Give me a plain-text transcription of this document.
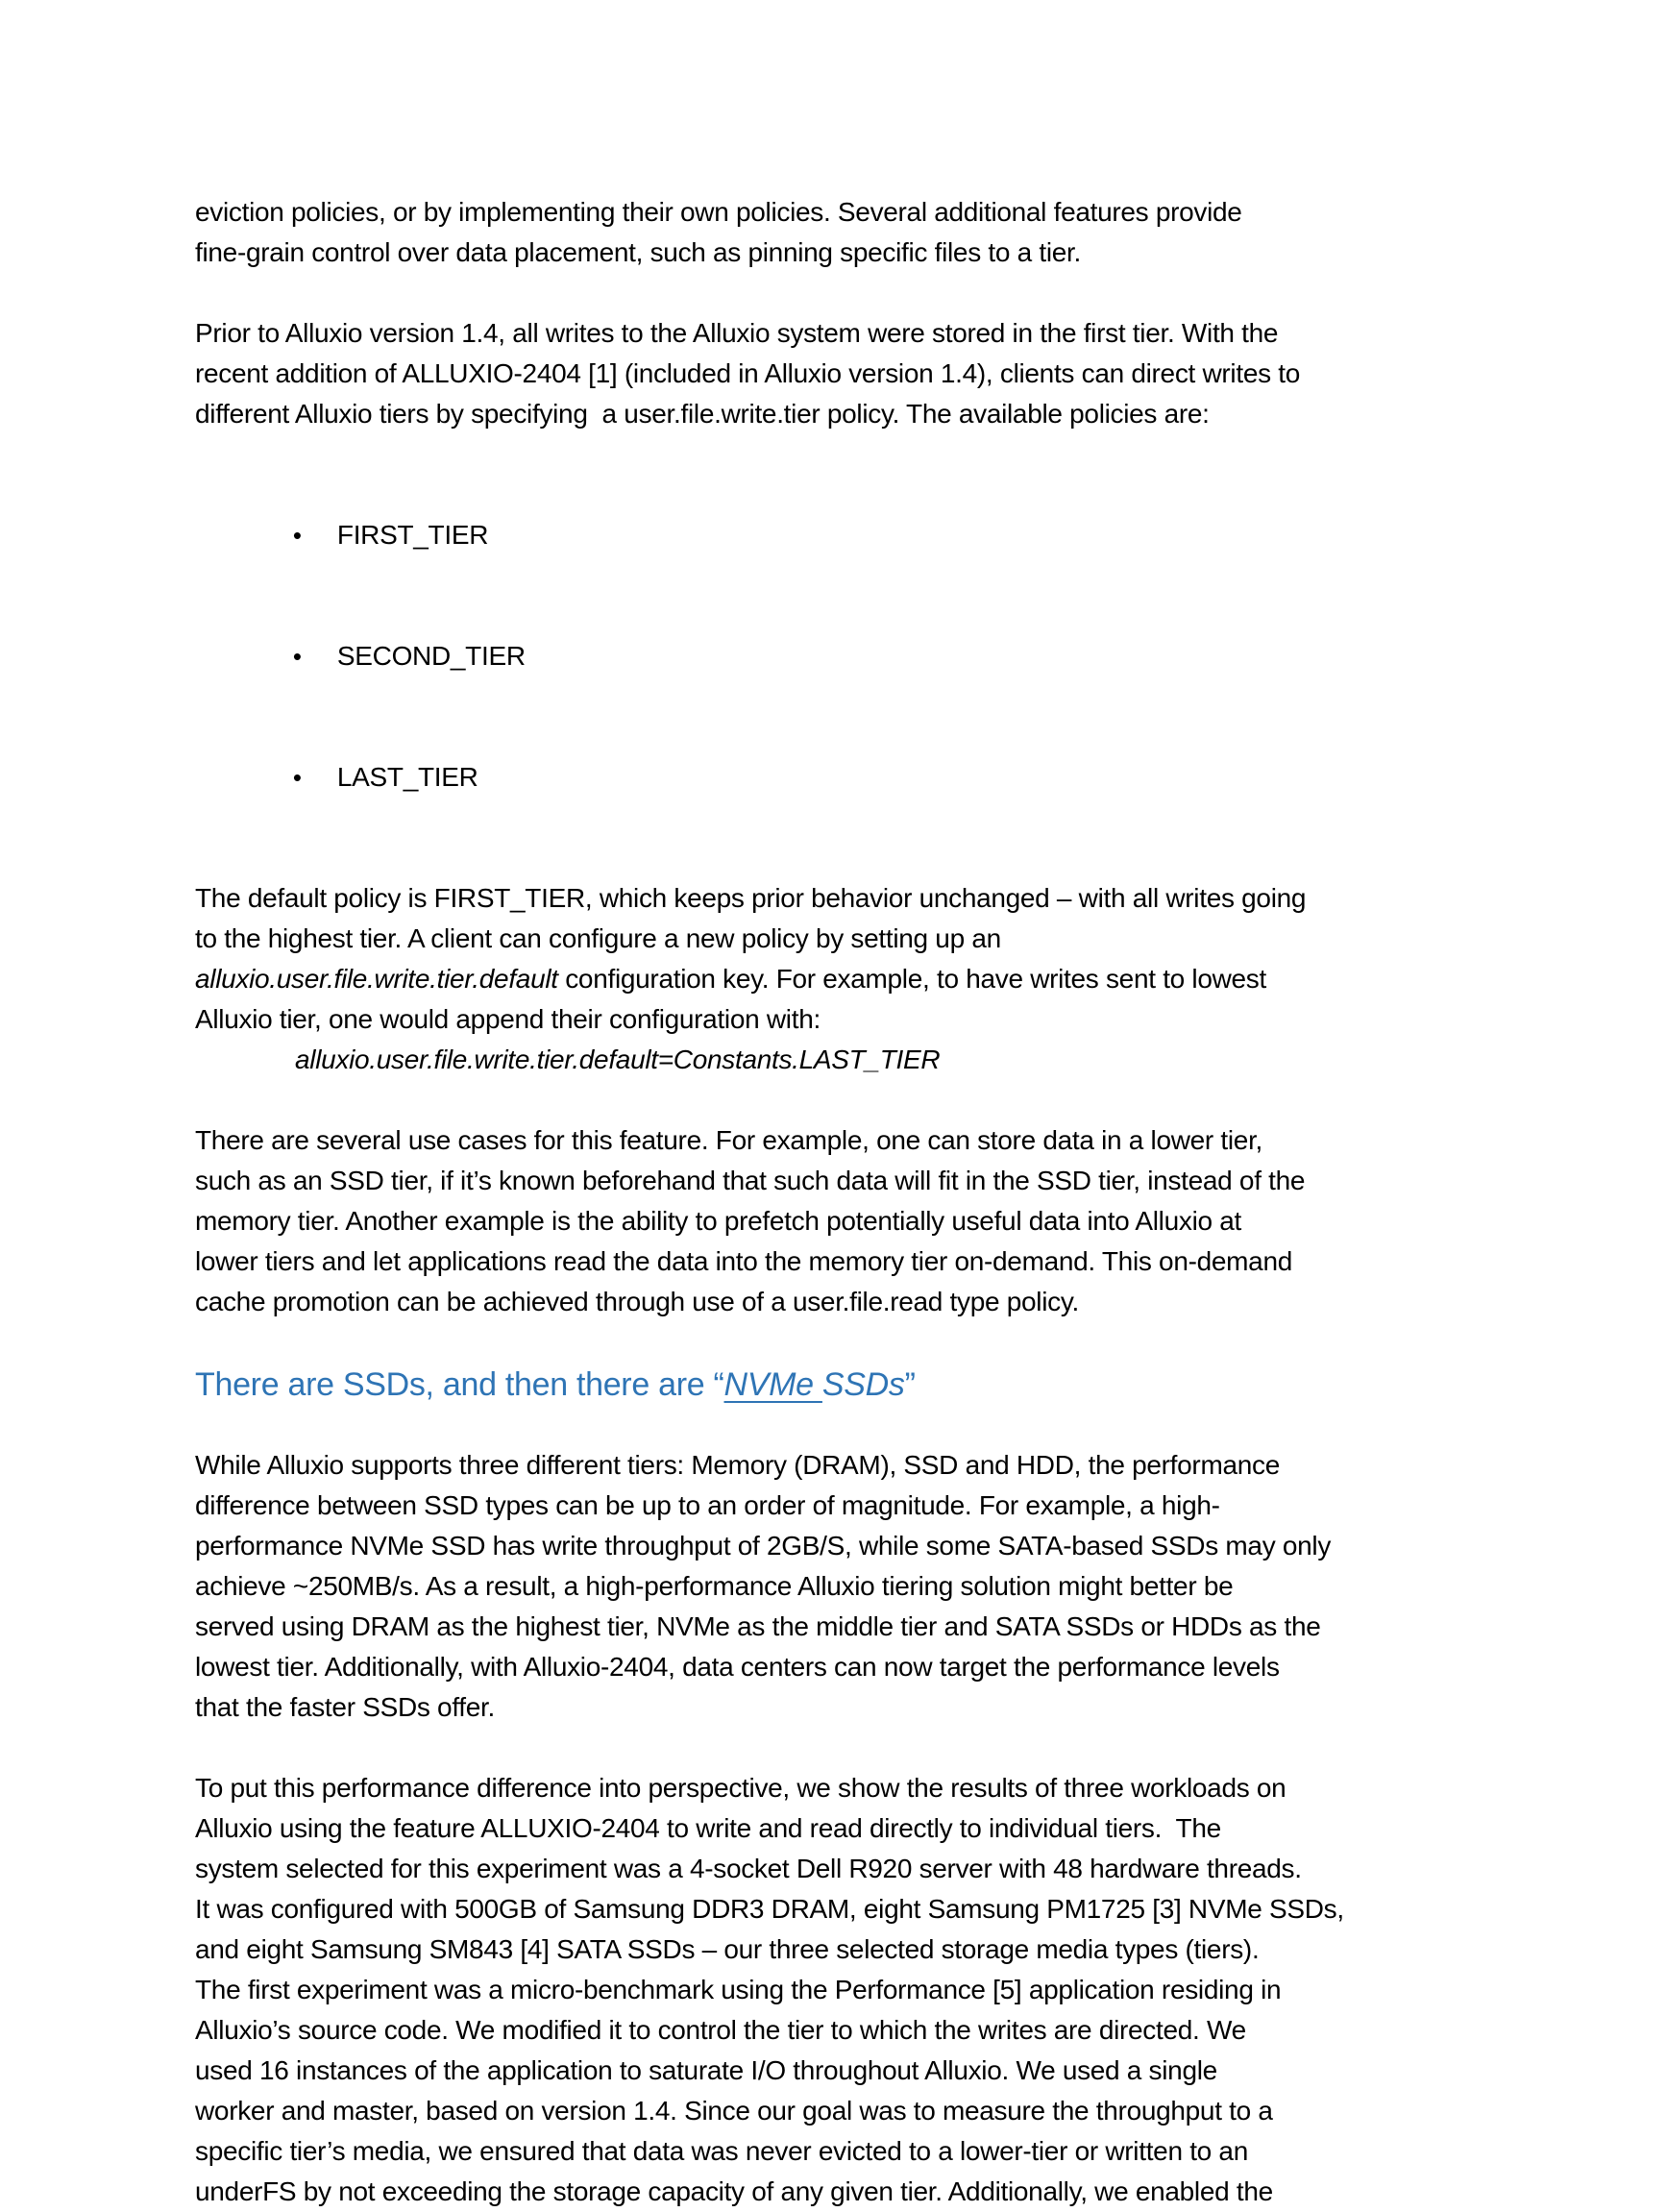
eviction policies, or by implementing their own policies. Several additional features provide
fine-grain control over data placement, such as pinning specific files to a tier.
Prior to Alluxio version 1.4, all writes to the Alluxio system were stored in the first tier. With the
recent addition of ALLUXIO-2404 [1] (included in Alluxio version 1.4), clients can direct writes to
different Alluxio tiers by specifying  a user.file.write.tier policy. The available policies are:

• FIRST_TIER

• SECOND_TIER

• LAST_TIER

The default policy is FIRST_TIER, which keeps prior behavior unchanged – with all writes going
to the highest tier. A client can configure a new policy by setting up an
alluxio.user.file.write.tier.default configuration key. For example, to have writes sent to lowest
Alluxio tier, one would append their configuration with:
alluxio.user.file.write.tier.default=Constants.LAST_TIER
There are several use cases for this feature. For example, one can store data in a lower tier,
such as an SSD tier, if it’s known beforehand that such data will fit in the SSD tier, instead of the
memory tier. Another example is the ability to prefetch potentially useful data into Alluxio at
lower tiers and let applications read the data into the memory tier on-demand. This on-demand
cache promotion can be achieved through use of a user.file.read type policy.
There are SSDs, and then there are “NVMe SSDs”
While Alluxio supports three different tiers: Memory (DRAM), SSD and HDD, the performance
difference between SSD types can be up to an order of magnitude. For example, a high-
performance NVMe SSD has write throughput of 2GB/S, while some SATA-based SSDs may only
achieve ~250MB/s. As a result, a high-performance Alluxio tiering solution might better be
served using DRAM as the highest tier, NVMe as the middle tier and SATA SSDs or HDDs as the
lowest tier. Additionally, with Alluxio-2404, data centers can now target the performance levels
that the faster SSDs offer.
To put this performance difference into perspective, we show the results of three workloads on
Alluxio using the feature ALLUXIO-2404 to write and read directly to individual tiers.  The
system selected for this experiment was a 4-socket Dell R920 server with 48 hardware threads.
It was configured with 500GB of Samsung DDR3 DRAM, eight Samsung PM1725 [3] NVMe SSDs,
and eight Samsung SM843 [4] SATA SSDs – our three selected storage media types (tiers).
The first experiment was a micro-benchmark using the Performance [5] application residing in
Alluxio’s source code. We modified it to control the tier to which the writes are directed. We
used 16 instances of the application to saturate I/O throughout Alluxio. We used a single
worker and master, based on version 1.4. Since our goal was to measure the throughput to a
specific tier’s media, we ensured that data was never evicted to a lower-tier or written to an
underFS by not exceeding the storage capacity of any given tier. Additionally, we enabled the
